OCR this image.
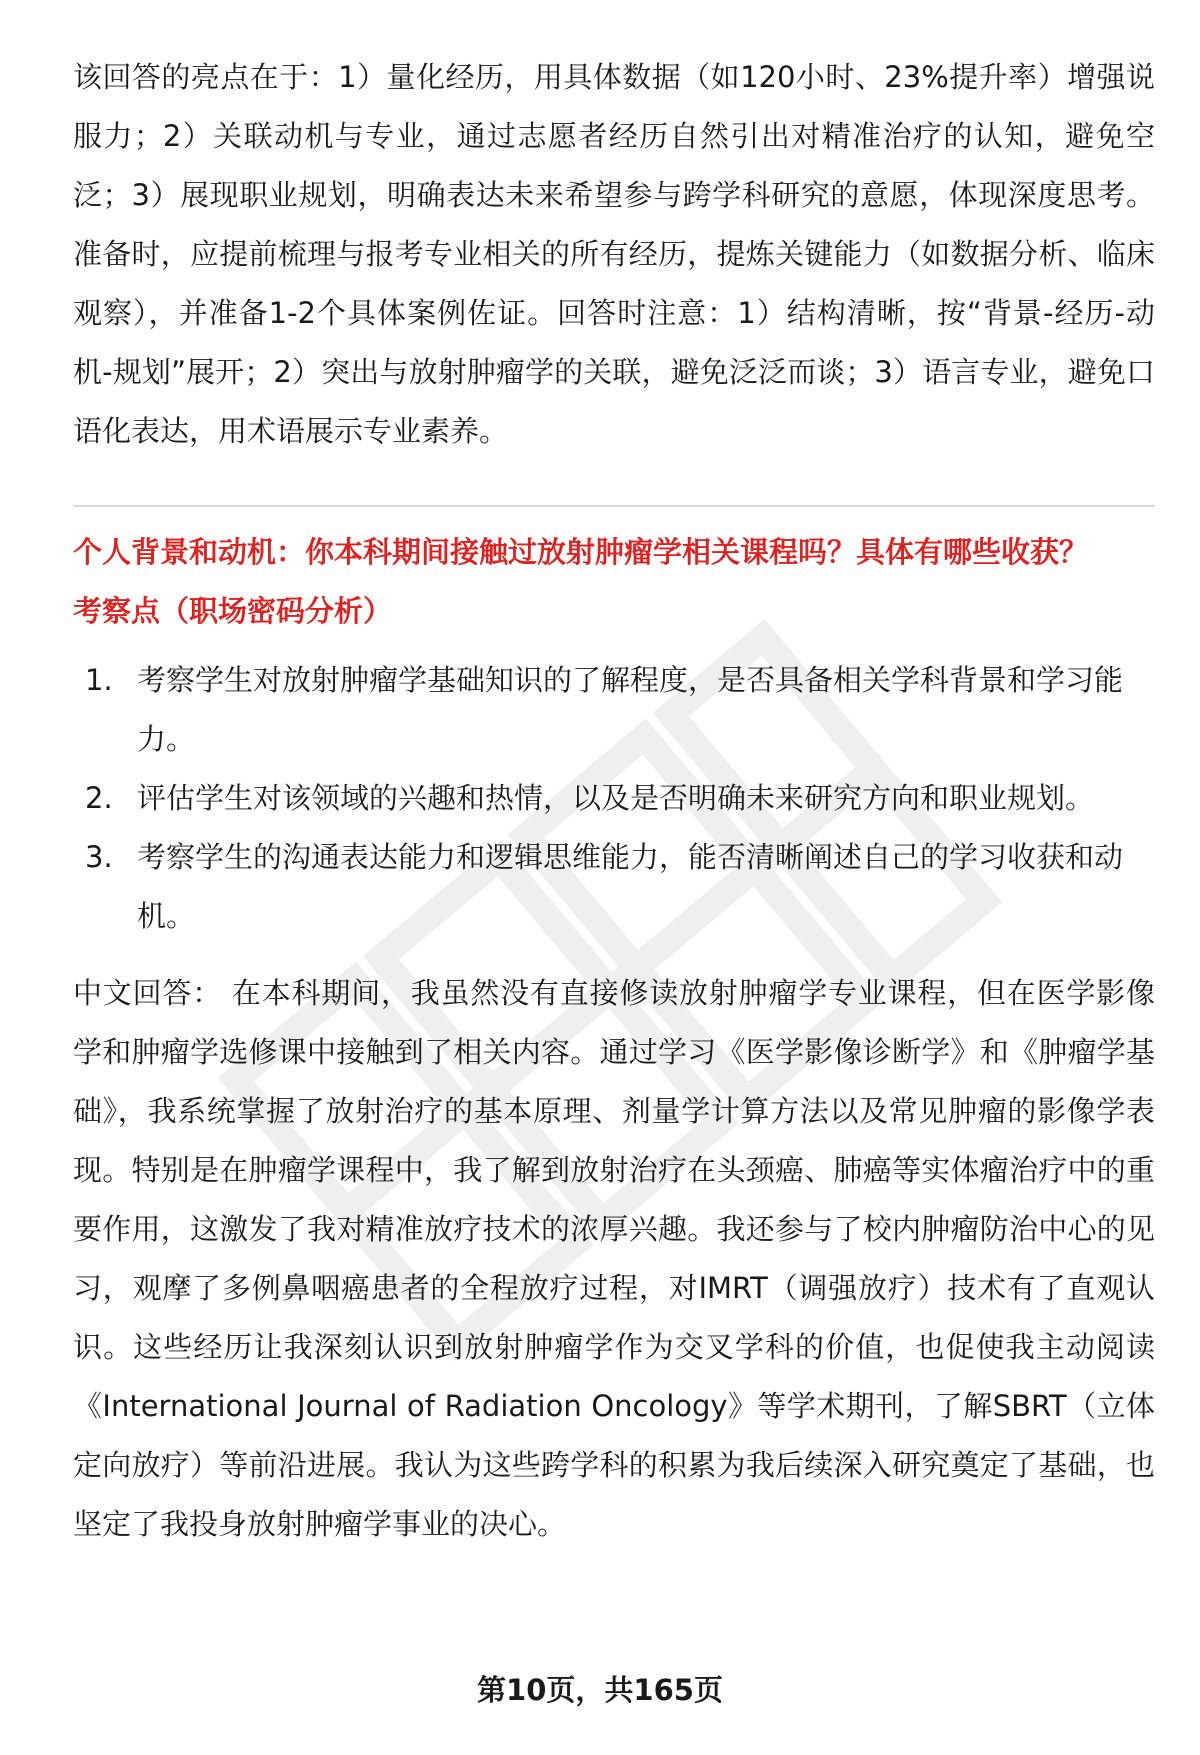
该回答的亮点在于：1）量化经历，用具体数据（如120小时、23%提升率）增强说服力；2）关联动机与专业，通过志愿者经历自然引出对精准治疗的认知，避免空泛；3）展现职业规划，明确表达未来希望参与跨学科研究的意愿，体现深度思考。准备时，应提前梳理与报考专业相关的所有经历，提炼关键能力（如数据分析、临床观察），并准备1-2个具体案例佐证。回答时注意：1）结构清晰，按“背景-经历-动机-规划”展开；2）突出与放射肿瘤学的关联，避免泛泛而谈；3）语言专业，避免口语化表达，用术语展示专业素养。

个人背景和动机：你本科期间接触过放射肿瘤学相关课程吗？具体有哪些收获？

考察点（职场密码分析）

1. 考察学生对放射肿瘤学基础知识的了解程度，是否具备相关学科背景和学习能力。
2. 评估学生对该领域的兴趣和热情，以及是否明确未来研究方向和职业规划。
3. 考察学生的沟通表达能力和逻辑思维能力，能否清晰阐述自己的学习收获和动机。

中文回答： 在本科期间，我虽然没有直接修读放射肿瘤学专业课程，但在医学影像学和肿瘤学选修课中接触到了相关内容。通过学习《医学影像诊断学》和《肿瘤学基础》，我系统掌握了放射治疗的基本原理、剂量学计算方法以及常见肿瘤的影像学表现。特别是在肿瘤学课程中，我了解到放射治疗在头颈癌、肺癌等实体瘤治疗中的重要作用，这激发了我对精准放疗技术的浓厚兴趣。我还参与了校内肿瘤防治中心的见习，观摩了多例鼻咽癌患者的全程放疗过程，对IMRT（调强放疗）技术有了直观认识。这些经历让我深刻认识到放射肿瘤学作为交叉学科的价值，也促使我主动阅读《International Journal of Radiation Oncology》等学术期刊，了解SBRT（立体定向放疗）等前沿进展。我认为这些跨学科的积累为我后续深入研究奠定了基础，也坚定了我投身放射肿瘤学事业的决心。

第10页，共165页
